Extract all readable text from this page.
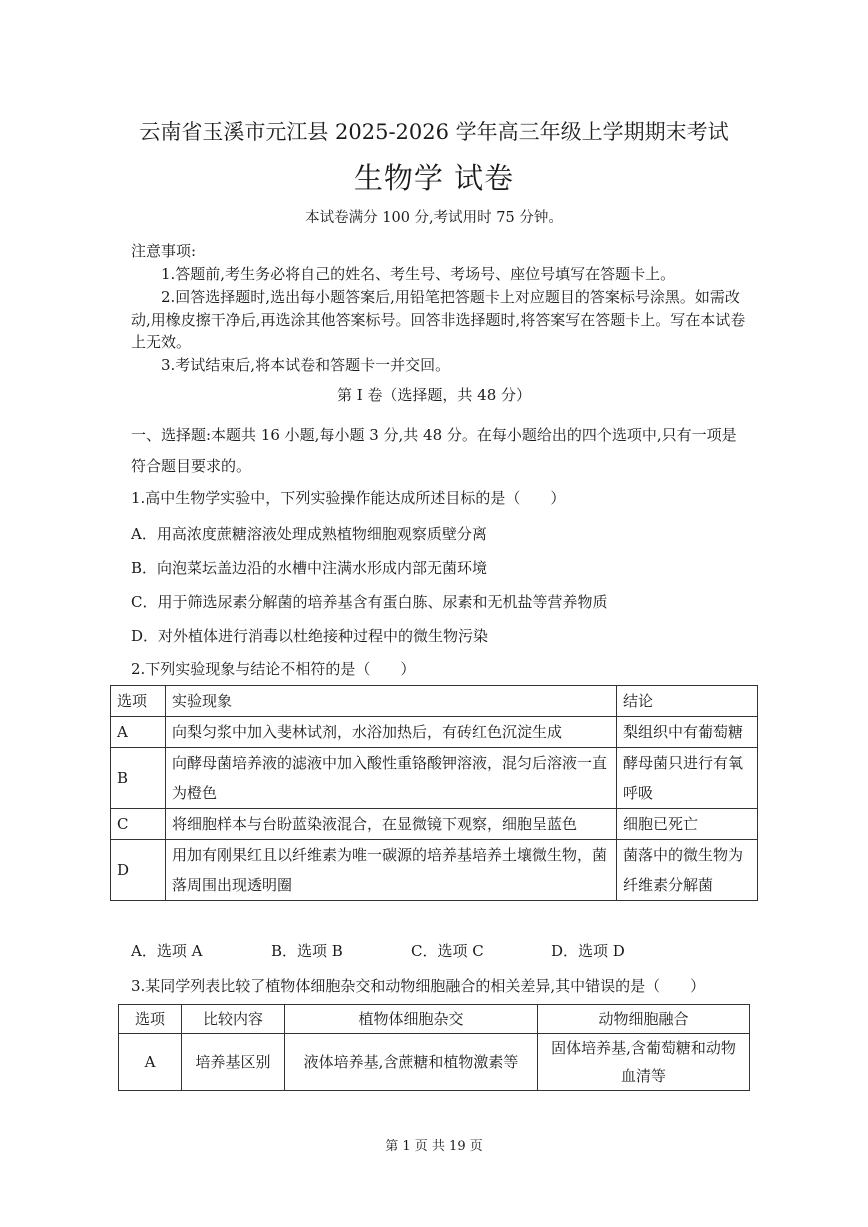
云南省玉溪市元江县 2025-2026 学年高三年级上学期期末考试
生物学 试卷
本试卷满分 100 分,考试用时 75 分钟。
注意事项:
1.答题前,考生务必将自己的姓名、考生号、考场号、座位号填写在答题卡上。
2.回答选择题时,选出每小题答案后,用铅笔把答题卡上对应题目的答案标号涂黑。如需改动,用橡皮擦干净后,再选涂其他答案标号。回答非选择题时,将答案写在答题卡上。写在本试卷上无效。
3.考试结束后,将本试卷和答题卡一并交回。
第 I 卷（选择题，共 48 分）
一、选择题:本题共 16 小题,每小题 3 分,共 48 分。在每小题给出的四个选项中,只有一项是符合题目要求的。
1.高中生物学实验中，下列实验操作能达成所述目标的是（　　）
A．用高浓度蔗糖溶液处理成熟植物细胞观察质壁分离
B．向泡菜坛盖边沿的水槽中注满水形成内部无菌环境
C．用于筛选尿素分解菌的培养基含有蛋白胨、尿素和无机盐等营养物质
D．对外植体进行消毒以杜绝接种过程中的微生物污染
2.下列实验现象与结论不相符的是（　　）
选项	实验现象	结论
A	向梨匀浆中加入斐林试剂，水浴加热后，有砖红色沉淀生成	梨组织中有葡萄糖
B	向酵母菌培养液的滤液中加入酸性重铬酸钾溶液，混匀后溶液一直为橙色	酵母菌只进行有氧呼吸
C	将细胞样本与台盼蓝染液混合，在显微镜下观察，细胞呈蓝色	细胞已死亡
D	用加有刚果红且以纤维素为唯一碳源的培养基培养土壤微生物，菌落周围出现透明圈	菌落中的微生物为纤维素分解菌
A．选项 A	B．选项 B	C．选项 C	D．选项 D
3.某同学列表比较了植物体细胞杂交和动物细胞融合的相关差异,其中错误的是（　　）
选项	比较内容	植物体细胞杂交	动物细胞融合
A	培养基区别	液体培养基,含蔗糖和植物激素等	固体培养基,含葡萄糖和动物血清等
第 1 页 共 19 页
